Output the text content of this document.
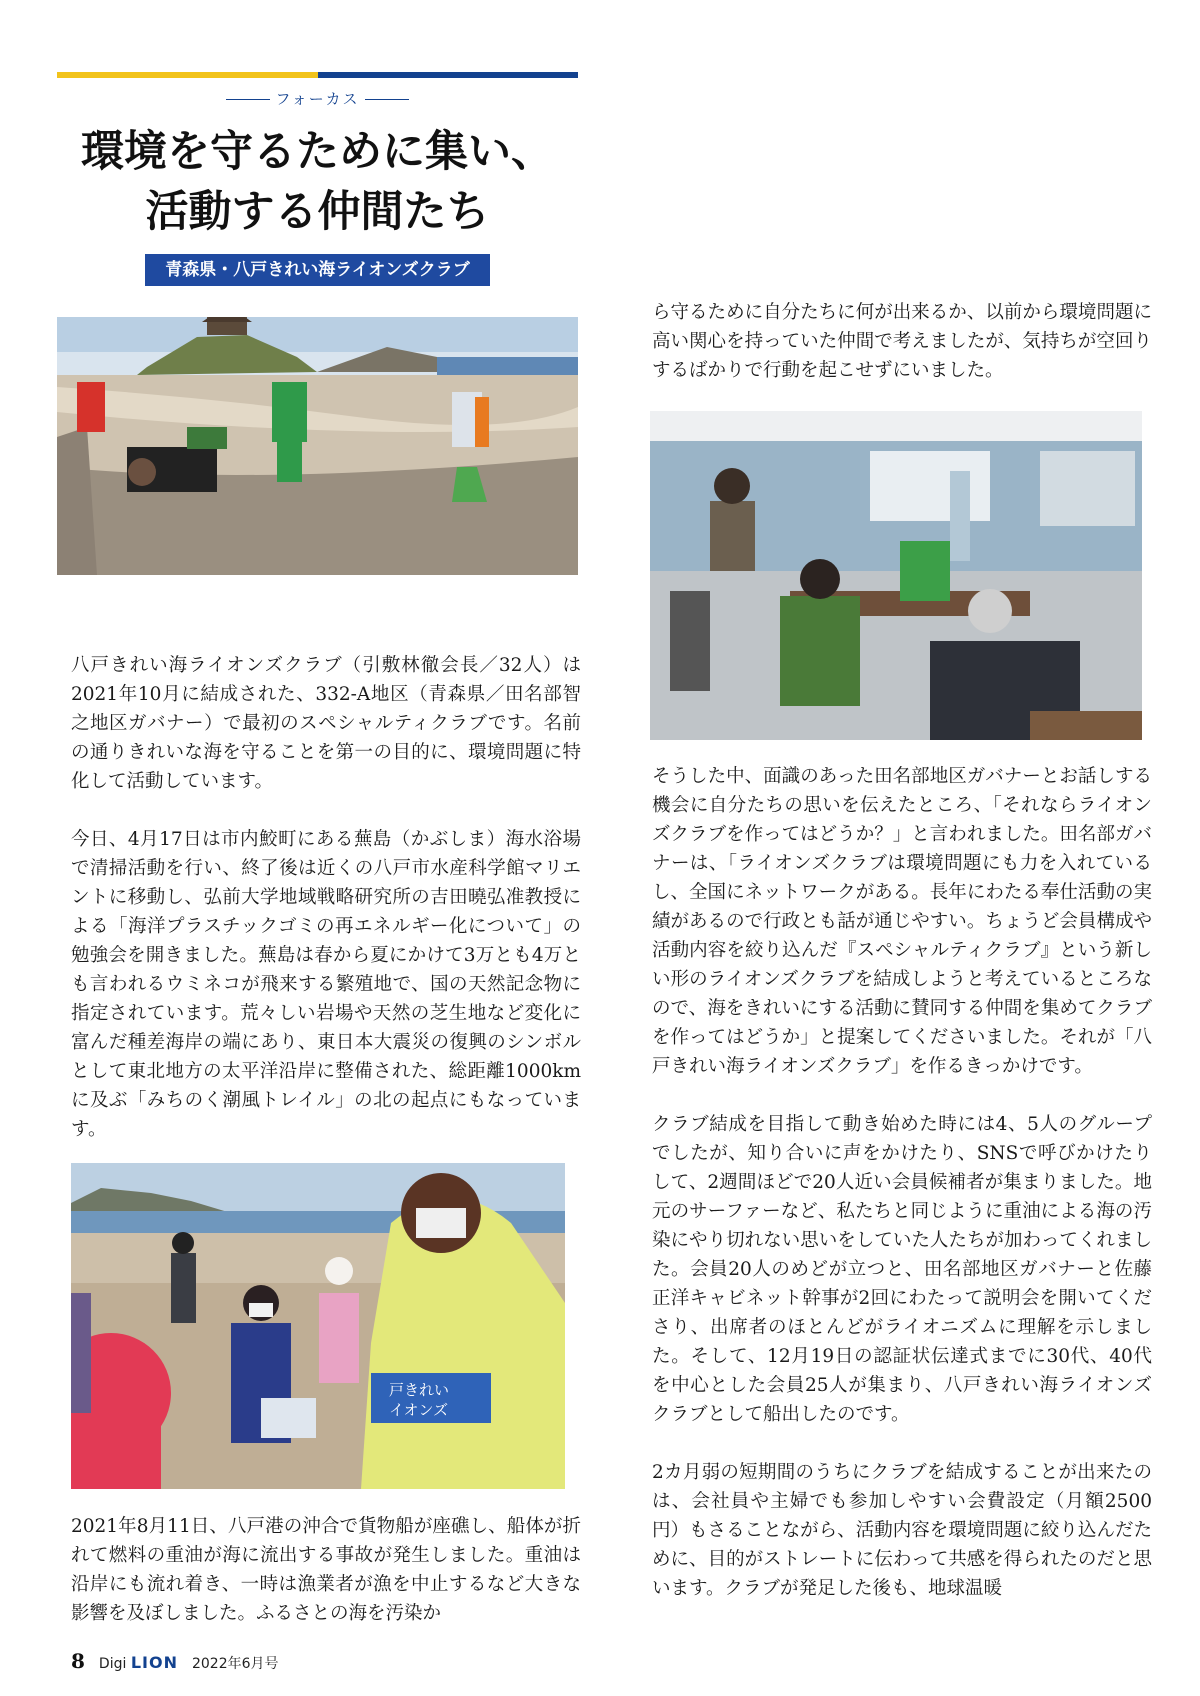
フォーカス
環境を守るために集い、
活動する仲間たち
青森県・八戸きれい海ライオンズクラブ
戸きれい
イオンズ

八戸きれい海ライオンズクラブ（引敷林徹会長／32人）は2021年10月に結成された、332-A地区（青森県／田名部智之地区ガバナー）で最初のスペシャルティクラブです。名前の通りきれいな海を守ることを第一の目的に、環境問題に特化して活動しています。

今日、4月17日は市内鮫町にある蕪島（かぶしま）海水浴場で清掃活動を行い、終了後は近くの八戸市水産科学館マリエントに移動し、弘前大学地域戦略研究所の吉田曉弘准教授による「海洋プラスチックゴミの再エネルギー化について」の勉強会を開きました。蕪島は春から夏にかけて3万とも4万とも言われるウミネコが飛来する繁殖地で、国の天然記念物に指定されています。荒々しい岩場や天然の芝生地など変化に富んだ種差海岸の端にあり、東日本大震災の復興のシンボルとして東北地方の太平洋沿岸に整備された、総距離1000kmに及ぶ「みちのく潮風トレイル」の北の起点にもなっています。

2021年8月11日、八戸港の沖合で貨物船が座礁し、船体が折れて燃料の重油が海に流出する事故が発生しました。重油は沿岸にも流れ着き、一時は漁業者が漁を中止するなど大きな影響を及ぼしました。ふるさとの海を汚染か

ら守るために自分たちに何が出来るか、以前から環境問題に高い関心を持っていた仲間で考えましたが、気持ちが空回りするばかりで行動を起こせずにいました。

そうした中、面識のあった田名部地区ガバナーとお話しする機会に自分たちの思いを伝えたところ、「それならライオンズクラブを作ってはどうか？」と言われました。田名部ガバナーは、「ライオンズクラブは環境問題にも力を入れているし、全国にネットワークがある。長年にわたる奉仕活動の実績があるので行政とも話が通じやすい。ちょうど会員構成や活動内容を絞り込んだ『スペシャルティクラブ』という新しい形のライオンズクラブを結成しようと考えているところなので、海をきれいにする活動に賛同する仲間を集めてクラブを作ってはどうか」と提案してくださいました。それが「八戸きれい海ライオンズクラブ」を作るきっかけです。

クラブ結成を目指して動き始めた時には4、5人のグループでしたが、知り合いに声をかけたり、SNSで呼びかけたりして、2週間ほどで20人近い会員候補者が集まりました。地元のサーファーなど、私たちと同じように重油による海の汚染にやり切れない思いをしていた人たちが加わってくれました。会員20人のめどが立つと、田名部地区ガバナーと佐藤正洋キャビネット幹事が2回にわたって説明会を開いてくださり、出席者のほとんどがライオニズムに理解を示しました。そして、12月19日の認証状伝達式までに30代、40代を中心とした会員25人が集まり、八戸きれい海ライオンズクラブとして船出したのです。

2カ月弱の短期間のうちにクラブを結成することが出来たのは、会社員や主婦でも参加しやすい会費設定（月額2500円）もさることながら、活動内容を環境問題に絞り込んだために、目的がストレートに伝わって共感を得られたのだと思います。クラブが発足した後も、地球温暖

8 Digi LION 2022年6月号
